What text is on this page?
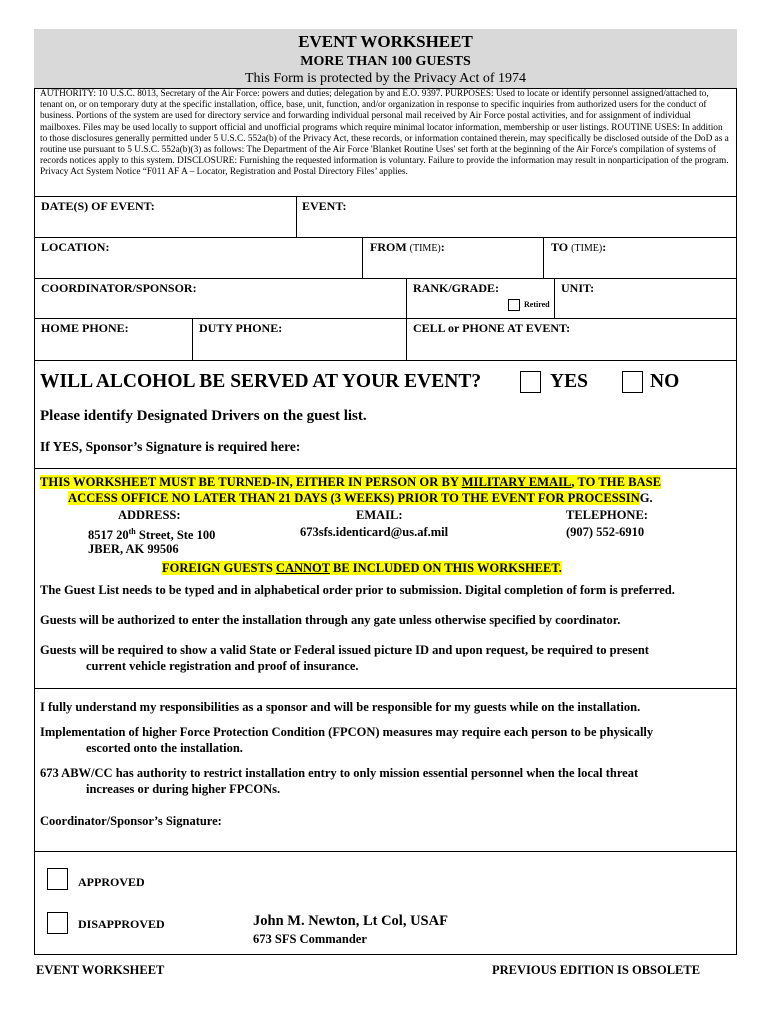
EVENT WORKSHEET
MORE THAN 100 GUESTS
This Form is protected by the Privacy Act of 1974
AUTHORITY: 10 U.S.C. 8013, Secretary of the Air Force: powers and duties; delegation by and E.O. 9397. PURPOSES: Used to locate or identify personnel assigned/attached to, tenant on, or on temporary duty at the specific installation, office, base, unit, function, and/or organization in response to specific inquiries from authorized users for the conduct of business. Portions of the system are used for directory service and forwarding individual personal mail received by Air Force postal activities, and for assignment of individual mailboxes. Files may be used locally to support official and unofficial programs which require minimal locator information, membership or user listings. ROUTINE USES: In addition to those disclosures generally permitted under 5 U.S.C. 552a(b) of the Privacy Act, these records, or information contained therein, may specifically be disclosed outside of the DoD as a routine use pursuant to 5 U.S.C. 552a(b)(3) as follows: The Department of the Air Force 'Blanket Routine Uses' set forth at the beginning of the Air Force's compilation of systems of records notices apply to this system. DISCLOSURE: Furnishing the requested information is voluntary. Failure to provide the information may result in nonparticipation of the program. Privacy Act System Notice “F011 AF A – Locator, Registration and Postal Directory Files’ applies.
DATE(S) OF EVENT:	EVENT:
LOCATION:	FROM (TIME):	TO (TIME):
COORDINATOR/SPONSOR:	RANK/GRADE:	UNIT:
Retired
HOME PHONE:	DUTY PHONE:	CELL or PHONE AT EVENT:
WILL ALCOHOL BE SERVED AT YOUR EVENT?	YES	NO
Please identify Designated Drivers on the guest list.
If YES, Sponsor’s Signature is required here:
THIS WORKSHEET MUST BE TURNED-IN, EITHER IN PERSON OR BY MILITARY EMAIL, TO THE BASE
ACCESS OFFICE NO LATER THAN 21 DAYS (3 WEEKS) PRIOR TO THE EVENT FOR PROCESSING.
ADDRESS:
8517 20th Street, Ste 100
JBER, AK 99506
EMAIL:
673sfs.identicard@us.af.mil
TELEPHONE:
(907) 552-6910
FOREIGN GUESTS CANNOT BE INCLUDED ON THIS WORKSHEET.
The Guest List needs to be typed and in alphabetical order prior to submission. Digital completion of form is preferred.
Guests will be authorized to enter the installation through any gate unless otherwise specified by coordinator.
Guests will be required to show a valid State or Federal issued picture ID and upon request, be required to present
current vehicle registration and proof of insurance.
I fully understand my responsibilities as a sponsor and will be responsible for my guests while on the installation.
Implementation of higher Force Protection Condition (FPCON) measures may require each person to be physically
escorted onto the installation.
673 ABW/CC has authority to restrict installation entry to only mission essential personnel when the local threat
increases or during higher FPCONs.
Coordinator/Sponsor’s Signature:
APPROVED
DISAPPROVED	John M. Newton, Lt Col, USAF
673 SFS Commander
EVENT WORKSHEET	PREVIOUS EDITION IS OBSOLETE
